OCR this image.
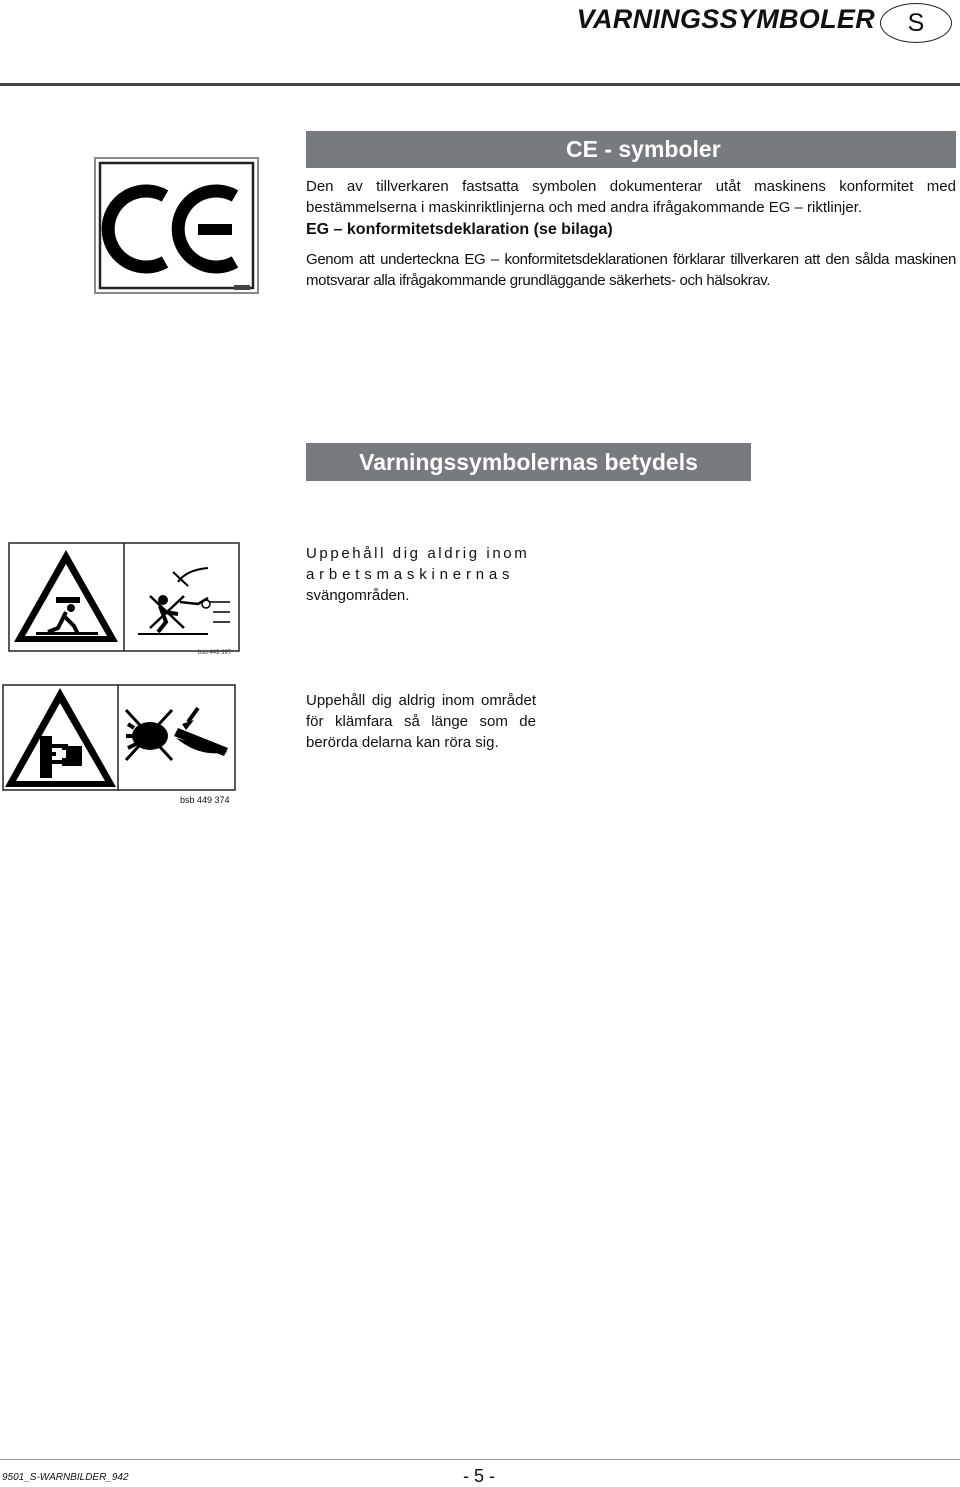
VARNINGSSYMBOLER	S
CE - symboler
Den av tillverkaren fastsatta symbolen dokumenterar utåt maskinens konformitet med bestämmelserna i maskinriktlinjerna och med andra ifrågakommande EG – riktlinjer.
EG – konformitetsdeklaration (se bilaga)
Genom att underteckna EG – konformitetsdeklarationen förklarar tillverkaren att den sålda maskinen motsvarar alla ifrågakommande grundläggande säkerhets- och hälsokrav.
Varningssymbolernas betydels
bsb 449 397
Uppehåll dig aldrig inom
arbetsmaskinernas
svängområden.
bsb 449 374
Uppehåll dig aldrig inom området för klämfara så länge som de berörda delarna kan röra sig.
9501_S-WARNBILDER_942	- 5 -
